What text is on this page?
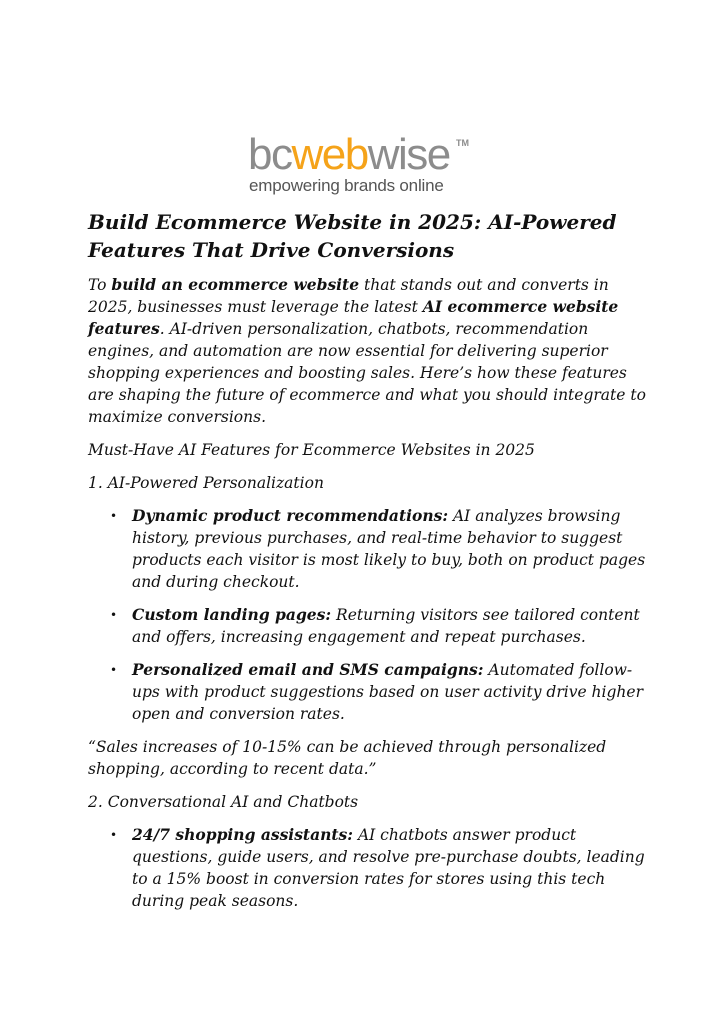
bcwebwise TM
empowering brands online
Build Ecommerce Website in 2025: AI-Powered Features That Drive Conversions

To build an ecommerce website that stands out and converts in 2025, businesses must leverage the latest AI ecommerce website features. AI-driven personalization, chatbots, recommendation engines, and automation are now essential for delivering superior shopping experiences and boosting sales. Here’s how these features are shaping the future of ecommerce and what you should integrate to maximize conversions.

Must-Have AI Features for Ecommerce Websites in 2025

1. AI-Powered Personalization

• Dynamic product recommendations: AI analyzes browsing history, previous purchases, and real-time behavior to suggest products each visitor is most likely to buy, both on product pages and during checkout.
• Custom landing pages: Returning visitors see tailored content and offers, increasing engagement and repeat purchases.
• Personalized email and SMS campaigns: Automated follow-ups with product suggestions based on user activity drive higher open and conversion rates.

“Sales increases of 10-15% can be achieved through personalized shopping, according to recent data.”

2. Conversational AI and Chatbots

• 24/7 shopping assistants: AI chatbots answer product questions, guide users, and resolve pre-purchase doubts, leading to a 15% boost in conversion rates for stores using this tech during peak seasons.
